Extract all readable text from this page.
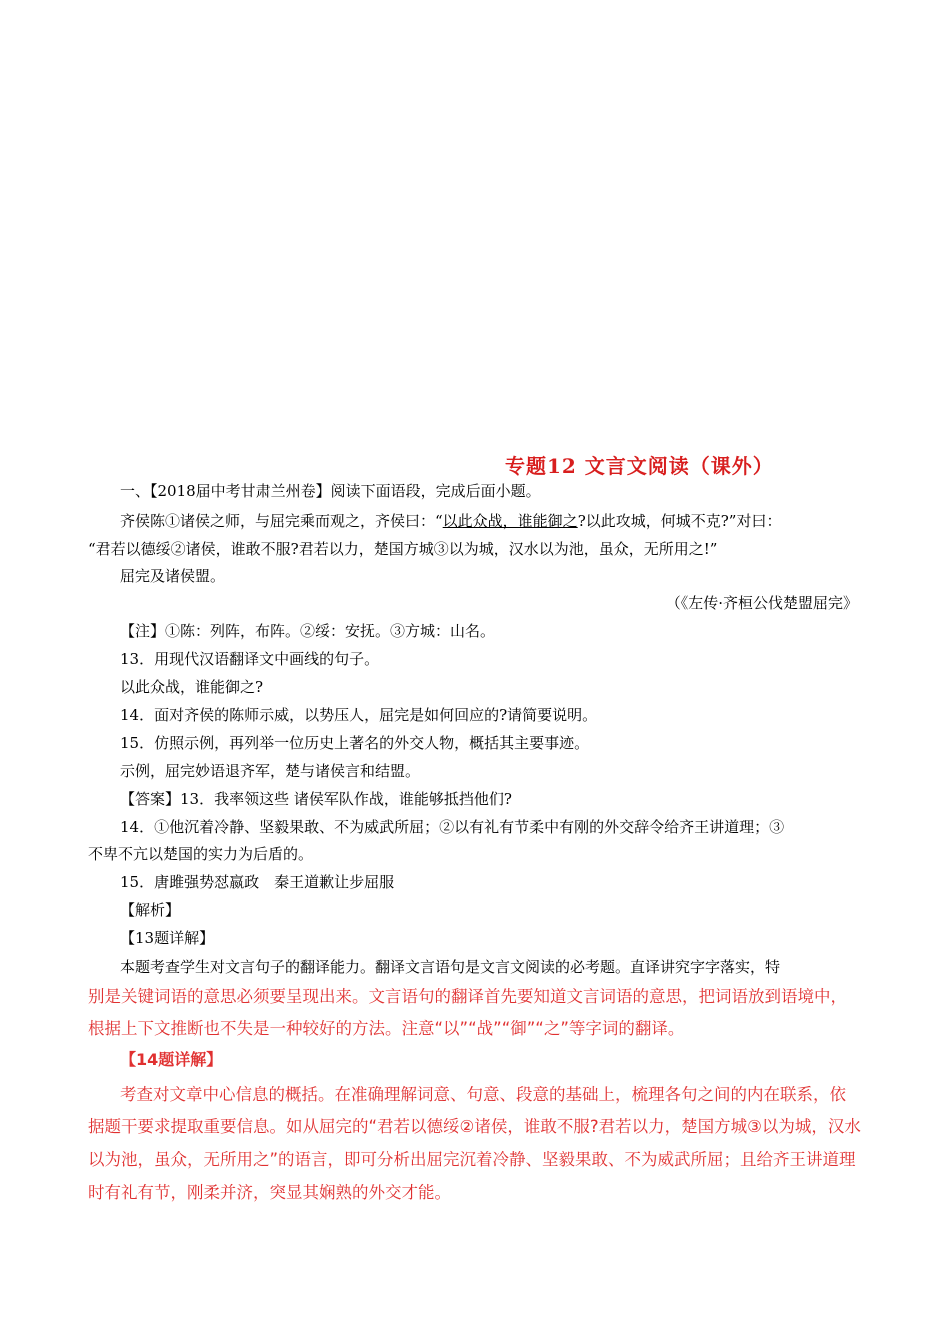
专题12 文言文阅读（课外）
一、【2018届中考甘肃兰州卷】阅读下面语段，完成后面小题。
齐侯陈①诸侯之师，与屈完乘而观之，齐侯曰：“以此众战，谁能御之?以此攻城，何城不克?”对曰：
“君若以德绥②诸侯，谁敢不服?君若以力，楚国方城③以为城，汉水以为池，虽众，无所用之!”
屈完及诸侯盟。
（《左传·齐桓公伐楚盟屈完》
【注】①陈：列阵，布阵。②绥：安抚。③方城：山名。
13．用现代汉语翻译文中画线的句子。
以此众战，谁能御之?
14．面对齐侯的陈师示威，以势压人，屈完是如何回应的?请简要说明。
15．仿照示例，再列举一位历史上著名的外交人物，概括其主要事迹。
示例，屈完妙语退齐军，楚与诸侯言和结盟。
【答案】13．我率领这些 诸侯军队作战，谁能够抵挡他们?
14．①他沉着冷静、坚毅果敢、不为威武所屈；②以有礼有节柔中有刚的外交辞令给齐王讲道理；③
不卑不亢以楚国的实力为后盾的。
15．唐雎强势怼嬴政　秦王道歉让步屈服
【解析】
【13题详解】
本题考查学生对文言句子的翻译能力。翻译文言语句是文言文阅读的必考题。直译讲究字字落实，特
别是关键词语的意思必须要呈现出来。文言语句的翻译首先要知道文言词语的意思，把词语放到语境中，
根据上下文推断也不失是一种较好的方法。注意“以”“战”“御”“之”等字词的翻译。
【14题详解】
考查对文章中心信息的概括。在准确理解词意、句意、段意的基础上，梳理各句之间的内在联系，依
据题干要求提取重要信息。如从屈完的“君若以德绥②诸侯，谁敢不服?君若以力，楚国方城③以为城，汉水
以为池，虽众，无所用之”的语言，即可分析出屈完沉着冷静、坚毅果敢、不为威武所屈；且给齐王讲道理
时有礼有节，刚柔并济，突显其娴熟的外交才能。
